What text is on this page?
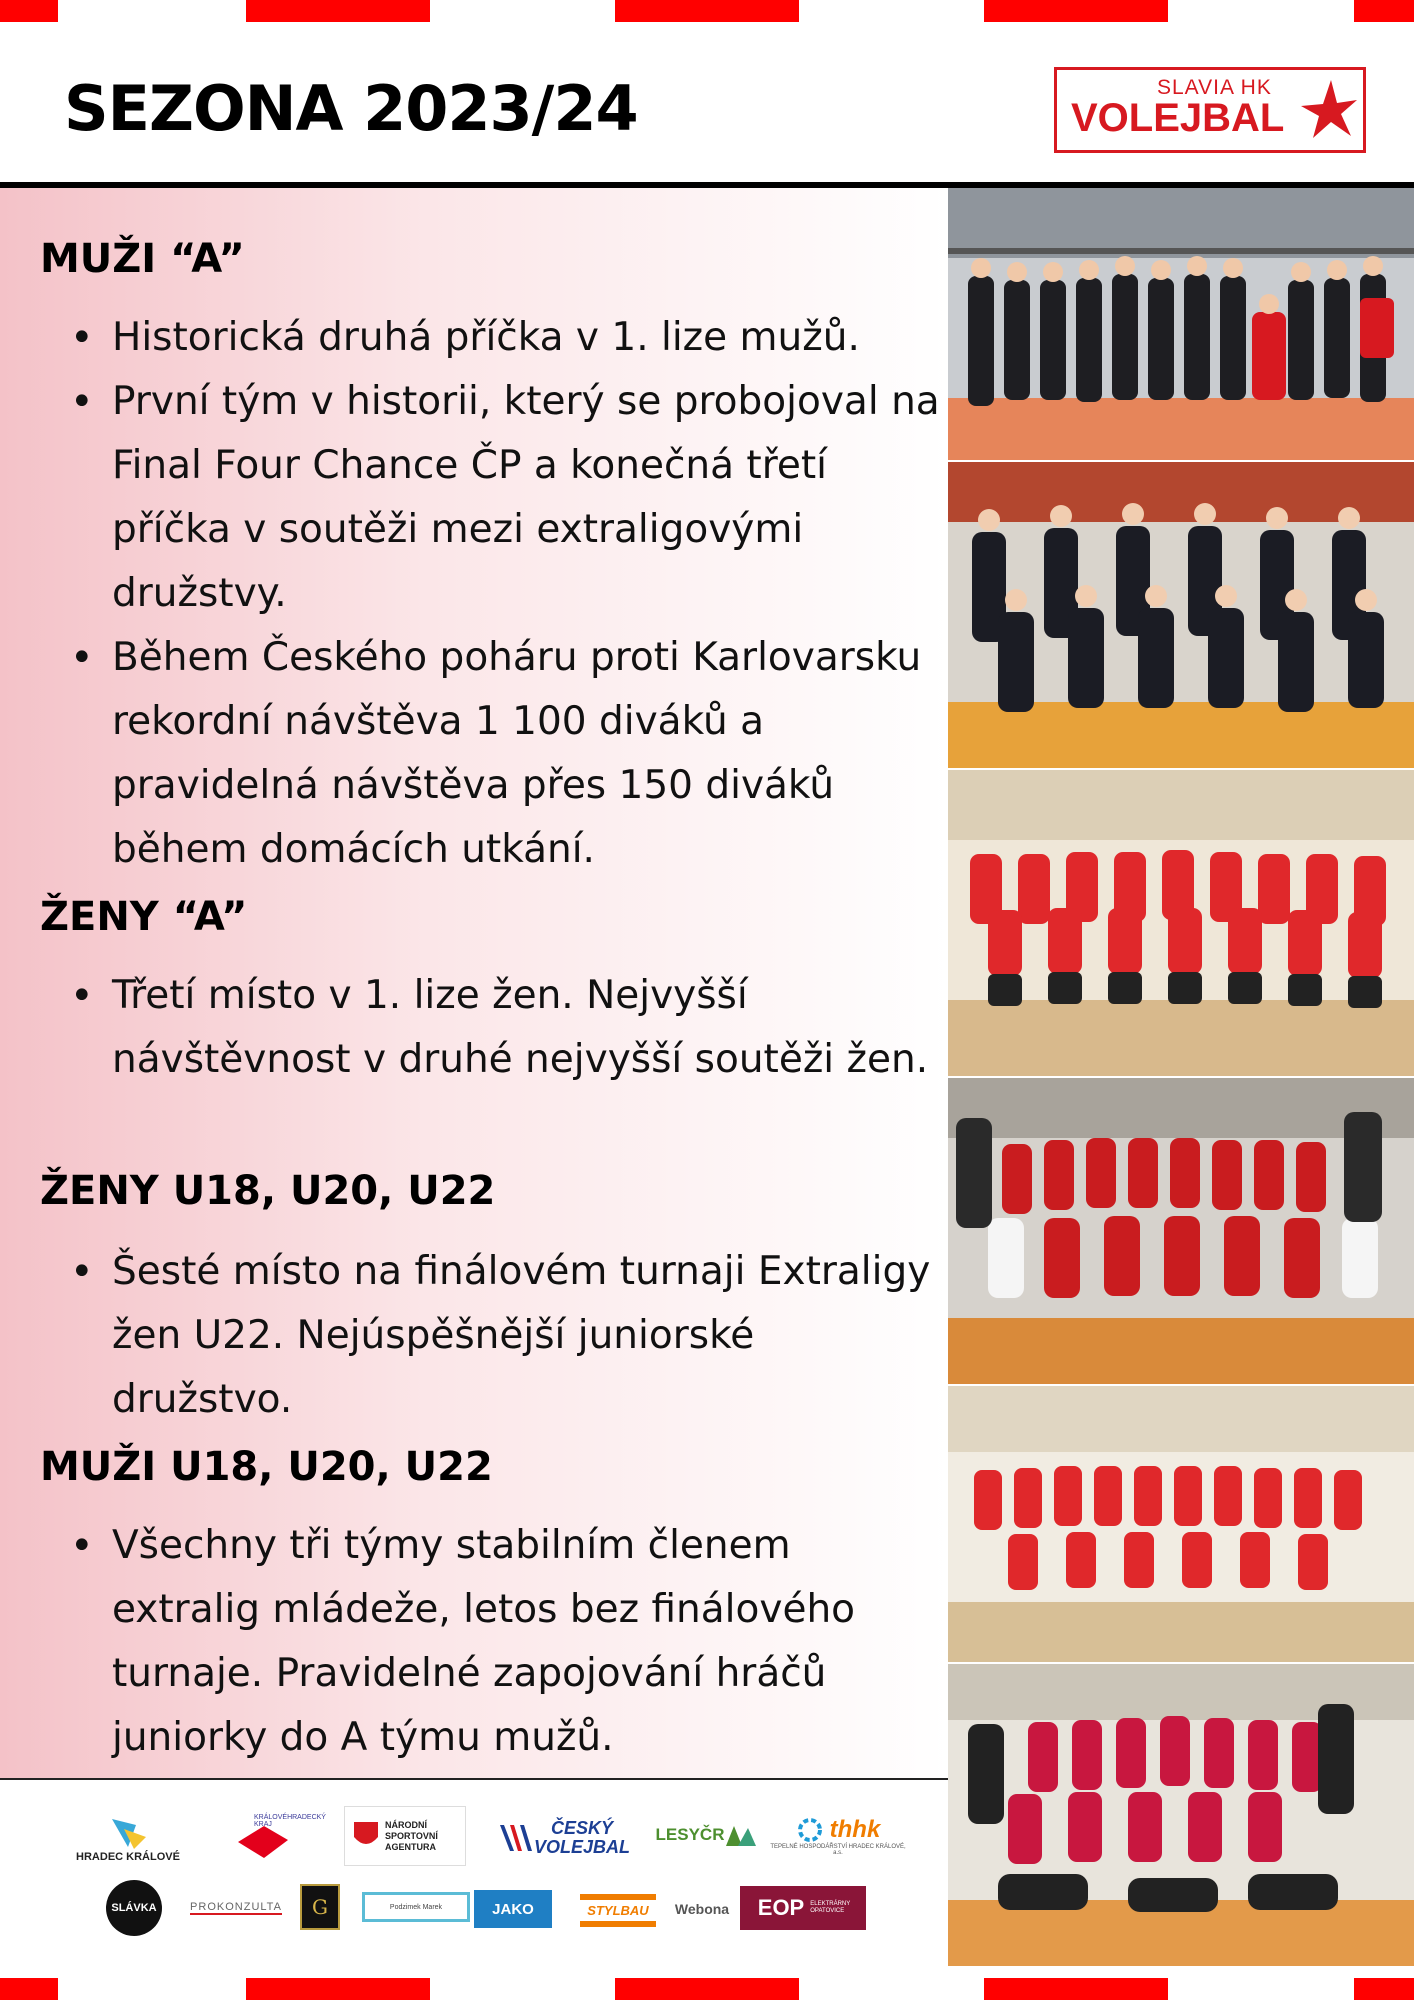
SEZONA 2023/24	SLAVIA HK
VOLEJBAL
MUŽI “A”
• Historická druhá příčka v 1. lize mužů.
• První tým v historii, který se probojoval na Final Four Chance ČP a konečná třetí příčka v soutěži mezi extraligovými družstvy.
• Během Českého poháru proti Karlovarsku rekordní návštěva 1 100 diváků a pravidelná návštěva přes 150 diváků během domácích utkání.
ŽENY “A”
• Třetí místo v 1. lize žen. Nejvyšší návštěvnost v druhé nejvyšší soutěži žen.
ŽENY U18, U20, U22
• Šesté místo na finálovém turnaji Extraligy žen U22. Nejúspěšnější juniorské družstvo.
MUŽI U18, U20, U22
• Všechny tři týmy stabilním členem extralig mládeže, letos bez finálového turnaje. Pravidelné zapojování hráčů juniorky do A týmu mužů.
HRADEC KRÁLOVÉ
KRÁLOVÉHRADECKÝ KRAJ	NÁRODNÍ SPORTOVNÍ AGENTURA
ČESKÝ VOLEJBAL
LESYČR	thhk
TEPELNÉ HOSPODÁŘSTVÍ HRADEC KRÁLOVÉ, a.s.
SLÁVKA	PROKONZULTA G	Podzimek Marek	JAKO	STYLBAU Webona EOP ELEKTRÁRNY OPATOVICE
